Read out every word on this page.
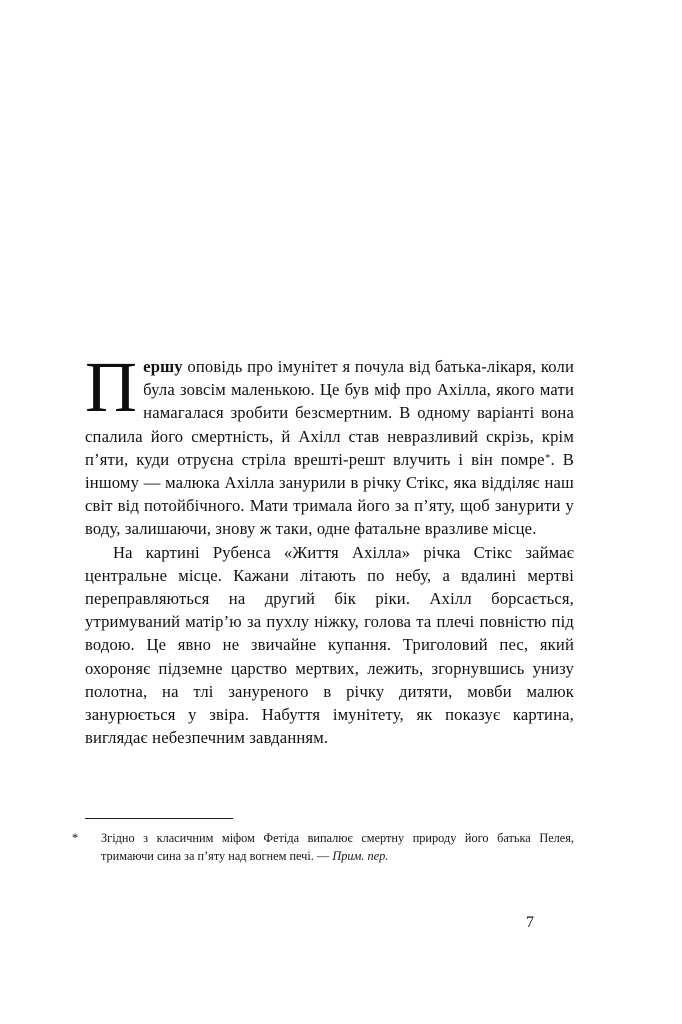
Першу оповідь про імунітет я почула від батька-лікаря, коли була зовсім маленькою. Це був міф про Ахілла, якого мати намагалася зробити безсмертним. В одному варіанті вона спалила його смертність, й Ахілл став невразливий скрізь, крім п’яти, куди отруєна стріла врешті-решт влучить і він помре*. В іншому — малюка Ахілла занурили в річку Стікс, яка відділяє наш світ від потойбічного. Мати тримала його за п’яту, щоб занурити у воду, залишаючи, знову ж таки, одне фатальне вразливе місце.

На картині Рубенса «Життя Ахілла» річка Стікс займає центральне місце. Кажани літають по небу, а вдалині мертві переправляються на другий бік ріки. Ахілл борсається, утримуваний матір’ю за пухлу ніжку, голова та плечі повністю під водою. Це явно не звичайне купання. Триголовий пес, який охороняє підземне царство мертвих, лежить, згорнувшись унизу полотна, на тлі зануреного в річку дитяти, мовби малюк занурюється у звіра. Набуття імунітету, як показує картина, виглядає небезпечним завданням.

* Згідно з класичним міфом Фетіда випалює смертну природу його батька Пелея, тримаючи сина за п’яту над вогнем печі. — Прим. пер.

7
